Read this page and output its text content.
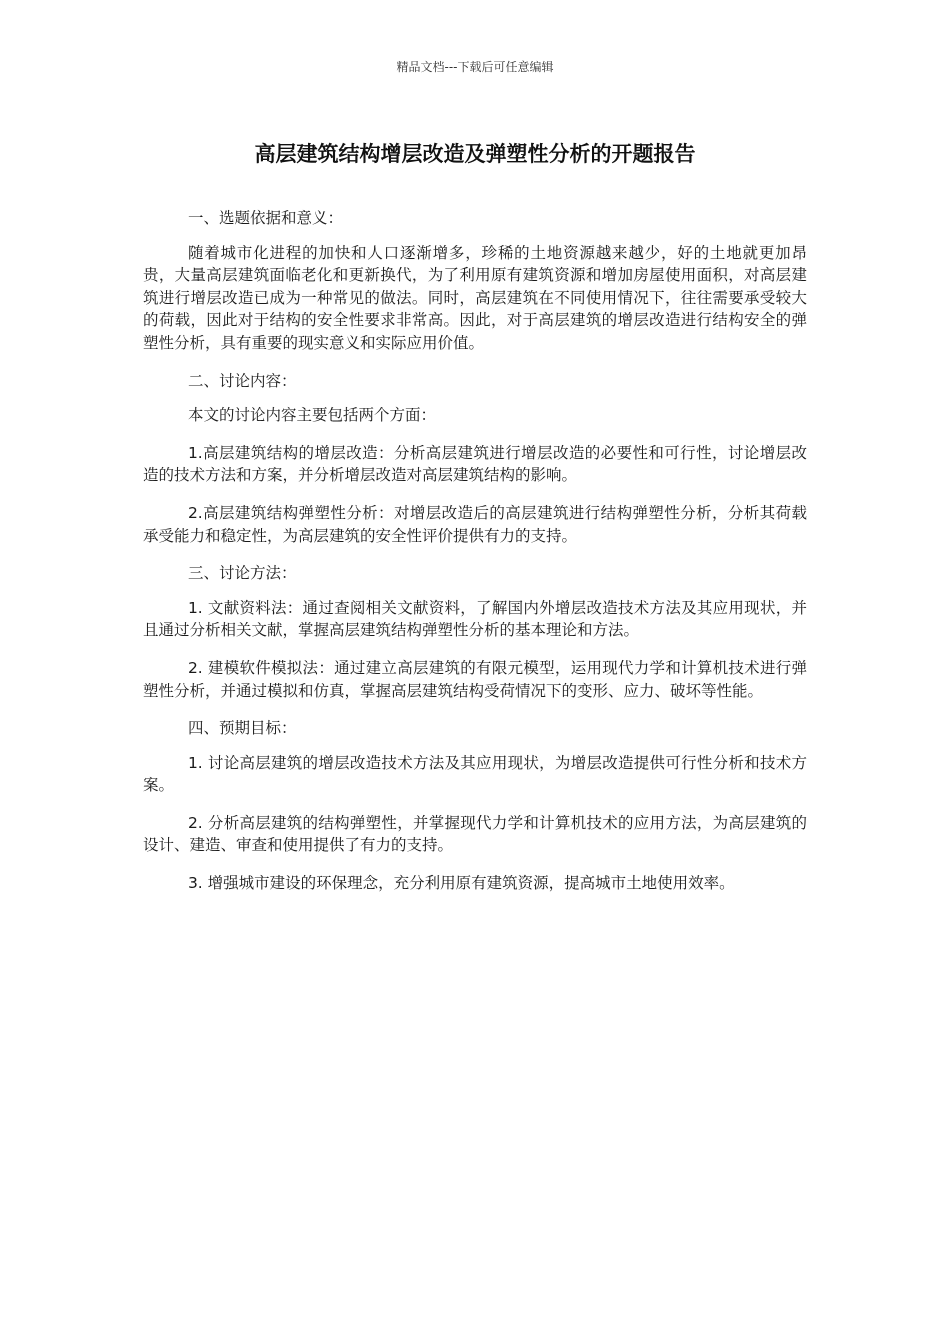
精品文档---下载后可任意编辑
高层建筑结构增层改造及弹塑性分析的开题报告

一、选题依据和意义：

随着城市化进程的加快和人口逐渐增多，珍稀的土地资源越来越少，好的土地就更加昂贵，大量高层建筑面临老化和更新换代，为了利用原有建筑资源和增加房屋使用面积，对高层建筑进行增层改造已成为一种常见的做法。同时，高层建筑在不同使用情况下，往往需要承受较大的荷载，因此对于结构的安全性要求非常高。因此，对于高层建筑的增层改造进行结构安全的弹塑性分析，具有重要的现实意义和实际应用价值。

二、讨论内容：

本文的讨论内容主要包括两个方面：

1.高层建筑结构的增层改造：分析高层建筑进行增层改造的必要性和可行性，讨论增层改造的技术方法和方案，并分析增层改造对高层建筑结构的影响。

2.高层建筑结构弹塑性分析：对增层改造后的高层建筑进行结构弹塑性分析，分析其荷载承受能力和稳定性，为高层建筑的安全性评价提供有力的支持。

三、讨论方法：

1. 文献资料法：通过查阅相关文献资料，了解国内外增层改造技术方法及其应用现状，并且通过分析相关文献，掌握高层建筑结构弹塑性分析的基本理论和方法。

2. 建模软件模拟法：通过建立高层建筑的有限元模型，运用现代力学和计算机技术进行弹塑性分析，并通过模拟和仿真，掌握高层建筑结构受荷情况下的变形、应力、破坏等性能。

四、预期目标：

1. 讨论高层建筑的增层改造技术方法及其应用现状，为增层改造提供可行性分析和技术方案。

2. 分析高层建筑的结构弹塑性，并掌握现代力学和计算机技术的应用方法，为高层建筑的设计、建造、审查和使用提供了有力的支持。

3. 增强城市建设的环保理念，充分利用原有建筑资源，提高城市土地使用效率。
